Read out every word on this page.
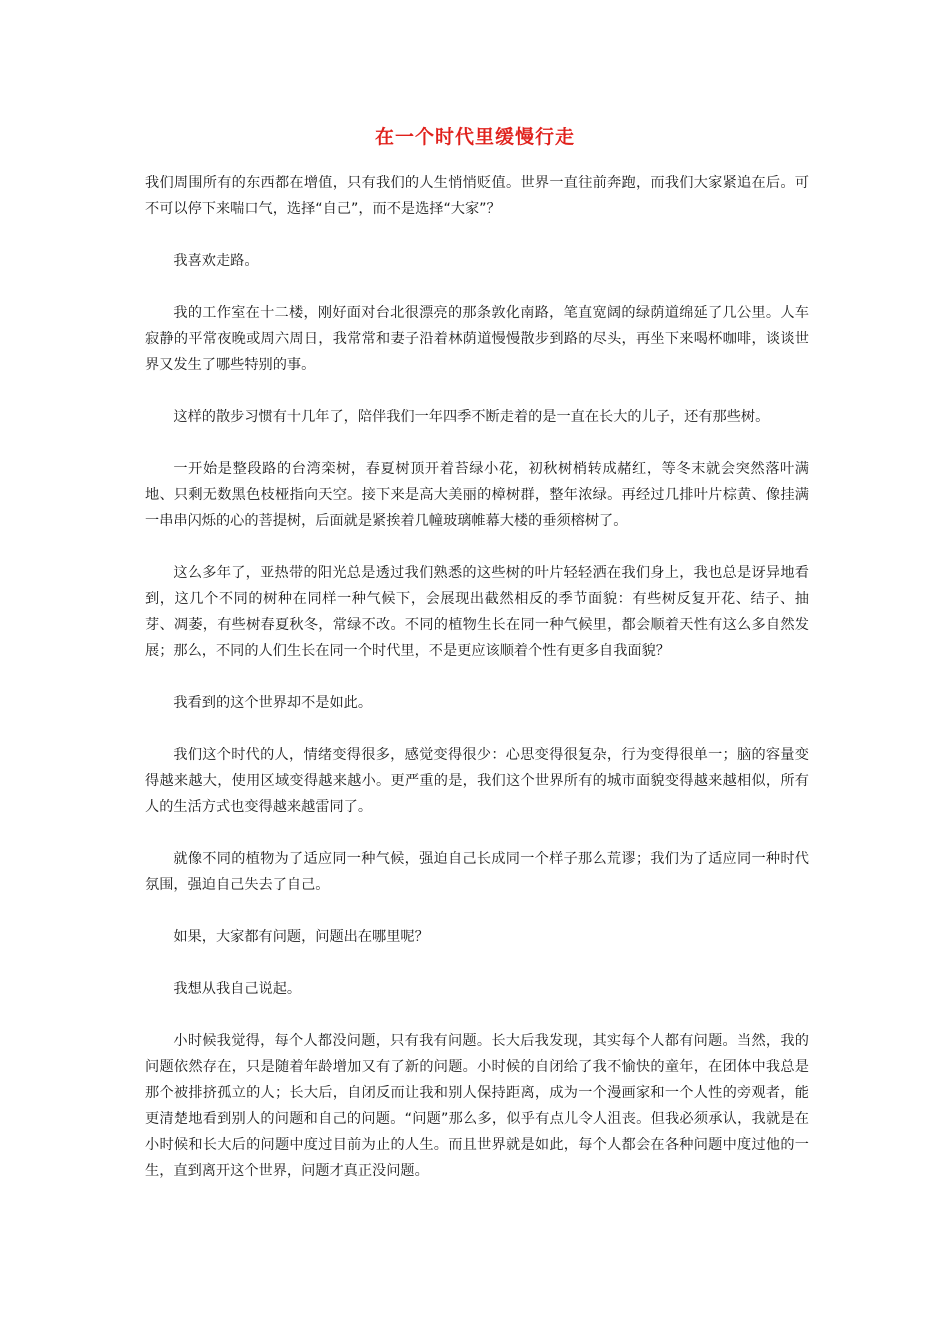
在一个时代里缓慢行走

我们周围所有的东西都在增值，只有我们的人生悄悄贬值。世界一直往前奔跑，而我们大家紧追在后。可不可以停下来喘口气，选择“自己”，而不是选择“大家”？

我喜欢走路。

我的工作室在十二楼，刚好面对台北很漂亮的那条敦化南路，笔直宽阔的绿荫道绵延了几公里。人车寂静的平常夜晚或周六周日，我常常和妻子沿着林荫道慢慢散步到路的尽头，再坐下来喝杯咖啡，谈谈世界又发生了哪些特别的事。

这样的散步习惯有十几年了，陪伴我们一年四季不断走着的是一直在长大的儿子，还有那些树。

一开始是整段路的台湾栾树，春夏树顶开着苔绿小花，初秋树梢转成赭红，等冬末就会突然落叶满地、只剩无数黑色枝桠指向天空。接下来是高大美丽的樟树群，整年浓绿。再经过几排叶片棕黄、像挂满一串串闪烁的心的菩提树，后面就是紧挨着几幢玻璃帷幕大楼的垂须榕树了。

这么多年了，亚热带的阳光总是透过我们熟悉的这些树的叶片轻轻洒在我们身上，我也总是讶异地看到，这几个不同的树种在同样一种气候下，会展现出截然相反的季节面貌：有些树反复开花、结子、抽芽、凋萎，有些树春夏秋冬，常绿不改。不同的植物生长在同一种气候里，都会顺着天性有这么多自然发展；那么，不同的人们生长在同一个时代里，不是更应该顺着个性有更多自我面貌？

我看到的这个世界却不是如此。

我们这个时代的人，情绪变得很多，感觉变得很少：心思变得很复杂，行为变得很单一；脑的容量变得越来越大，使用区域变得越来越小。更严重的是，我们这个世界所有的城市面貌变得越来越相似，所有人的生活方式也变得越来越雷同了。

就像不同的植物为了适应同一种气候，强迫自己长成同一个样子那么荒谬；我们为了适应同一种时代氛围，强迫自己失去了自己。

如果，大家都有问题，问题出在哪里呢？

我想从我自己说起。

小时候我觉得，每个人都没问题，只有我有问题。长大后我发现，其实每个人都有问题。当然，我的问题依然存在，只是随着年龄增加又有了新的问题。小时候的自闭给了我不愉快的童年，在团体中我总是那个被排挤孤立的人；长大后，自闭反而让我和别人保持距离，成为一个漫画家和一个人性的旁观者，能更清楚地看到别人的问题和自己的问题。“问题”那么多，似乎有点儿令人沮丧。但我必须承认，我就是在小时候和长大后的问题中度过目前为止的人生。而且世界就是如此，每个人都会在各种问题中度过他的一生，直到离开这个世界，问题才真正没问题。
